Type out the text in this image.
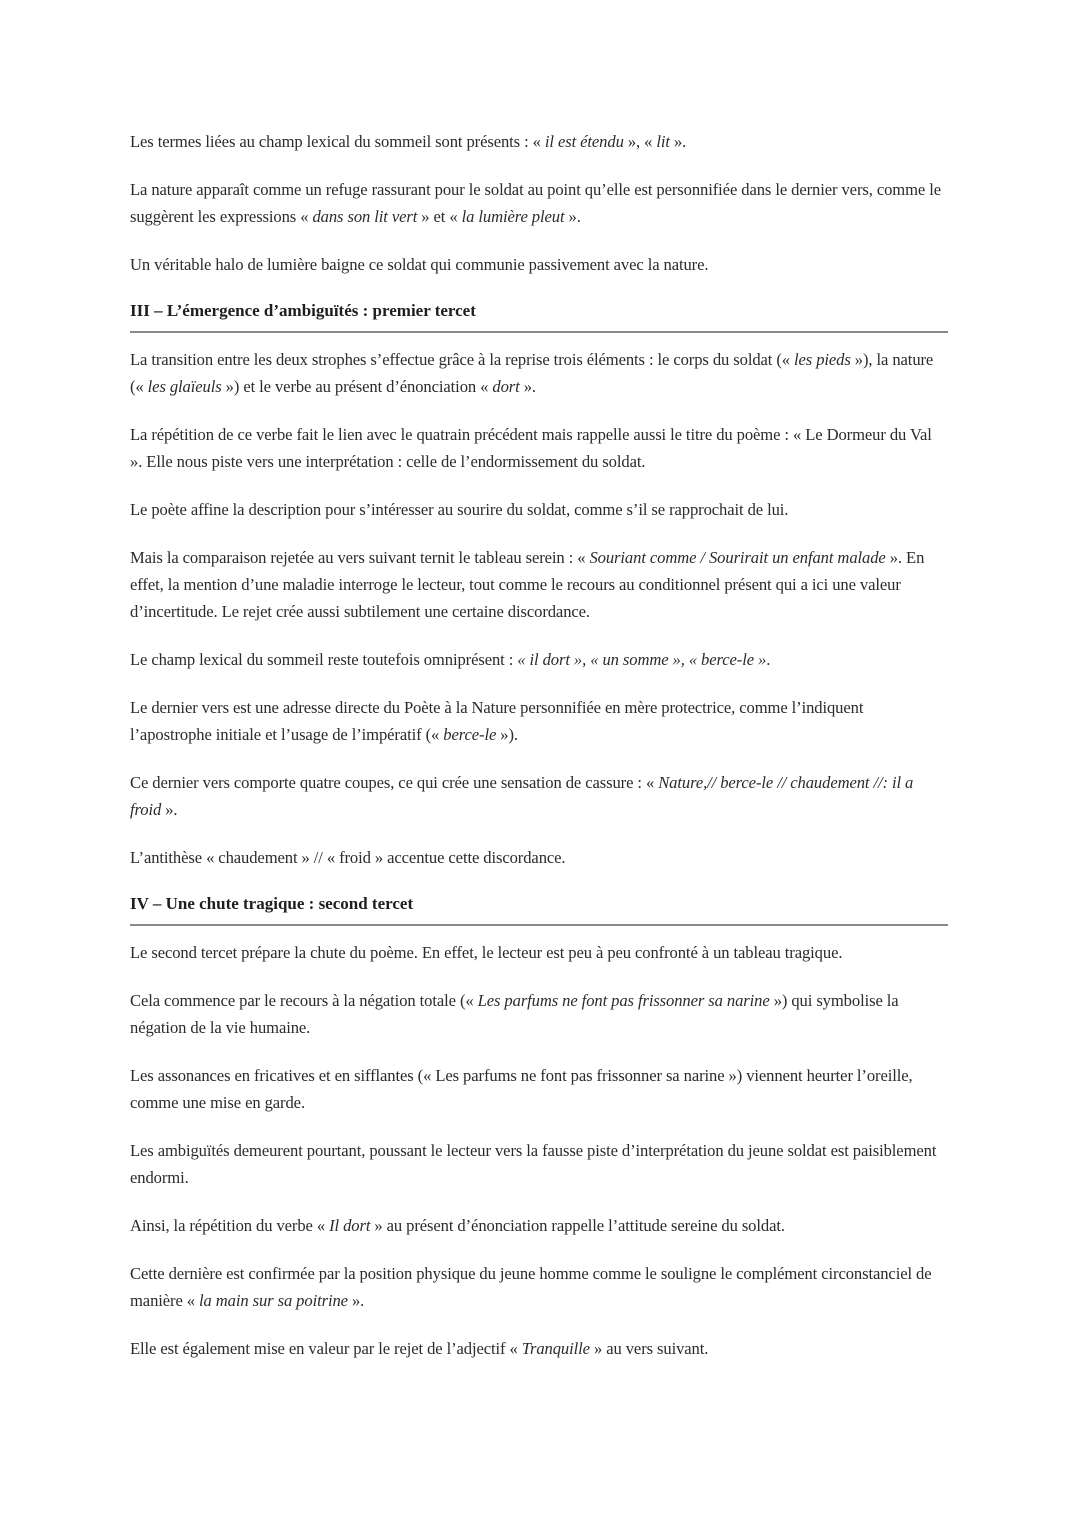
Les termes liées au champ lexical du sommeil sont présents : « il est étendu », « lit ».

La nature apparaît comme un refuge rassurant pour le soldat au point qu’elle est personnifiée dans le dernier vers, comme le suggèrent les expressions « dans son lit vert » et « la lumière pleut ».

Un véritable halo de lumière baigne ce soldat qui communie passivement avec la nature.

III – L’émergence d’ambiguïtés : premier tercet

La transition entre les deux strophes s’effectue grâce à la reprise trois éléments : le corps du soldat (« les pieds »), la nature (« les glaïeuls ») et le verbe au présent d’énonciation « dort ».

La répétition de ce verbe fait le lien avec le quatrain précédent mais rappelle aussi le titre du poème : « Le Dormeur du Val ». Elle nous piste vers une interprétation : celle de l’endormissement du soldat.

Le poète affine la description pour s’intéresser au sourire du soldat, comme s’il se rapprochait de lui.

Mais la comparaison rejetée au vers suivant ternit le tableau serein : « Souriant comme / Sourirait un enfant malade ». En effet, la mention d’une maladie interroge le lecteur, tout comme le recours au conditionnel présent qui a ici une valeur d’incertitude. Le rejet crée aussi subtilement une certaine discordance.

Le champ lexical du sommeil reste toutefois omniprésent : « il dort », « un somme », « berce-le ».

Le dernier vers est une adresse directe du Poète à la Nature personnifiée en mère protectrice, comme l’indiquent l’apostrophe initiale et l’usage de l’impératif (« berce-le »).

Ce dernier vers comporte quatre coupes, ce qui crée une sensation de cassure : « Nature,// berce-le // chaudement //: il a froid ».

L’antithèse « chaudement » // « froid » accentue cette discordance.

IV – Une chute tragique : second tercet

Le second tercet prépare la chute du poème. En effet, le lecteur est peu à peu confronté à un tableau tragique.

Cela commence par le recours à la négation totale (« Les parfums ne font pas frissonner sa narine ») qui symbolise la négation de la vie humaine.

Les assonances en fricatives et en sifflantes (« Les parfums ne font pas frissonner sa narine ») viennent heurter l’oreille, comme une mise en garde.

Les ambiguïtés demeurent pourtant, poussant le lecteur vers la fausse piste d’interprétation du jeune soldat est paisiblement endormi.

Ainsi, la répétition du verbe « Il dort » au présent d’énonciation rappelle l’attitude sereine du soldat.

Cette dernière est confirmée par la position physique du jeune homme comme le souligne le complément circonstanciel de manière « la main sur sa poitrine ».

Elle est également mise en valeur par le rejet de l’adjectif « Tranquille » au vers suivant.
